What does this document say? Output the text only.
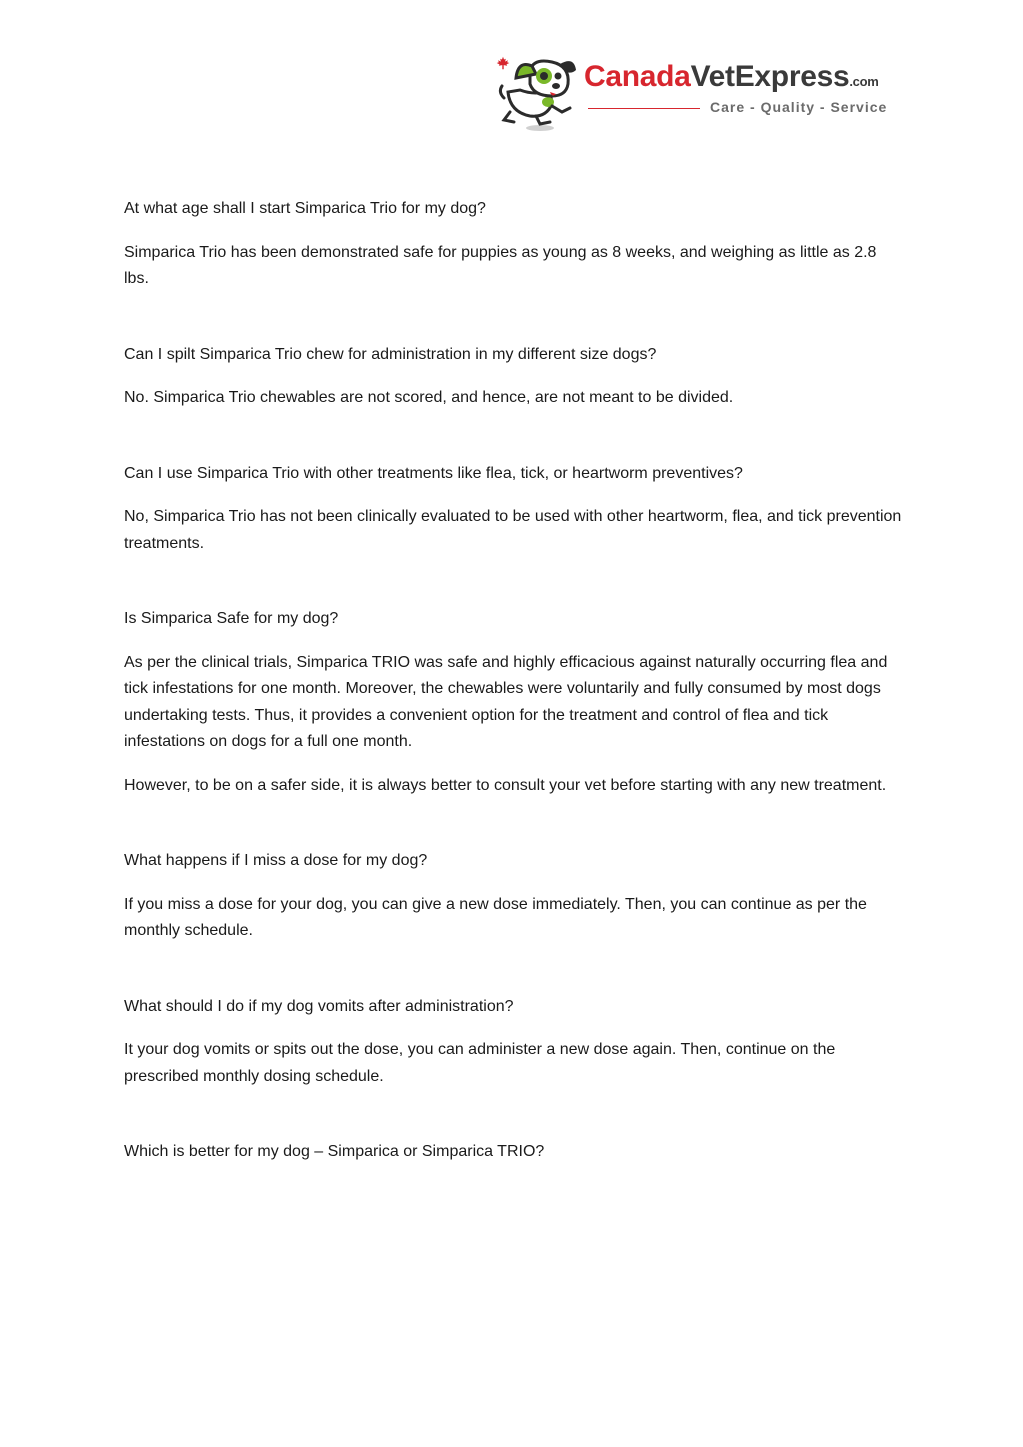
CanadaVetExpress.com
Care - Quality - Service

At what age shall I start Simparica Trio for my dog?

Simparica Trio has been demonstrated safe for puppies as young as 8 weeks, and weighing as little as 2.8 lbs.

Can I spilt Simparica Trio chew for administration in my different size dogs?

No. Simparica Trio chewables are not scored, and hence, are not meant to be divided.

Can I use Simparica Trio with other treatments like flea, tick, or heartworm preventives?

No, Simparica Trio has not been clinically evaluated to be used with other heartworm, flea, and tick prevention treatments.

Is Simparica Safe for my dog?

As per the clinical trials, Simparica TRIO was safe and highly efficacious against naturally occurring flea and tick infestations for one month. Moreover, the chewables were voluntarily and fully consumed by most dogs undertaking tests. Thus, it provides a convenient option for the treatment and control of flea and tick infestations on dogs for a full one month.

However, to be on a safer side, it is always better to consult your vet before starting with any new treatment.

What happens if I miss a dose for my dog?

If you miss a dose for your dog, you can give a new dose immediately. Then, you can continue as per the monthly schedule.

What should I do if my dog vomits after administration?

It your dog vomits or spits out the dose, you can administer a new dose again. Then, continue on the prescribed monthly dosing schedule.

Which is better for my dog – Simparica or Simparica TRIO?
